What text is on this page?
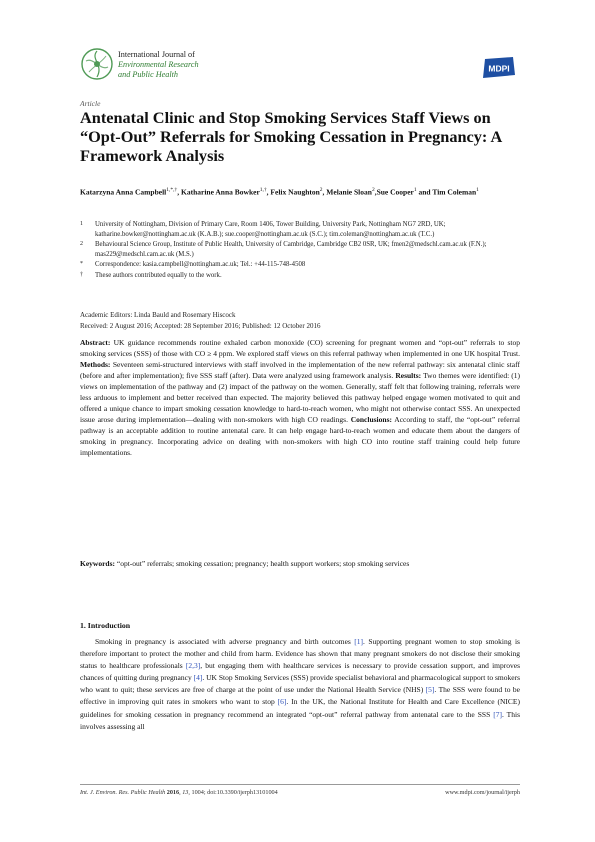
International Journal of
Environmental Research
and Public Health
MDPI
Article
Antenatal Clinic and Stop Smoking Services Staff Views on “Opt-Out” Referrals for Smoking Cessation in Pregnancy: A Framework Analysis
Katarzyna Anna Campbell$^{1,*,\dagger}$, Katharine Anna Bowker$^{1,\dagger}$, Felix Naughton$^2$, Melanie Sloan$^2$,Sue Cooper$^1$ and Tim Coleman$^1$
1	University of Nottingham, Division of Primary Care, Room 1406, Tower Building, University Park, Nottingham NG7 2RD, UK; katharine.bowker@nottingham.ac.uk (K.A.B.); sue.cooper@nottingham.ac.uk (S.C.); tim.coleman@nottingham.ac.uk (T.C.)
2	Behavioural Science Group, Institute of Public Health, University of Cambridge, Cambridge CB2 0SR, UK; fmen2@medschl.cam.ac.uk (F.N.); mas229@medschl.cam.ac.uk (M.S.)
*	Correspondence: kasia.campbell@nottingham.ac.uk; Tel.: +44-115-748-4508
†	These authors contributed equally to the work.
Academic Editors: Linda Bauld and Rosemary Hiscock
Received: 2 August 2016; Accepted: 28 September 2016; Published: 12 October 2016
Abstract: UK guidance recommends routine exhaled carbon monoxide (CO) screening for pregnant women and “opt-out” referrals to stop smoking services (SSS) of those with CO ≥ 4 ppm. We explored staff views on this referral pathway when implemented in one UK hospital Trust. Methods: Seventeen semi-structured interviews with staff involved in the implementation of the new referral pathway: six antenatal clinic staff (before and after implementation); five SSS staff (after). Data were analyzed using framework analysis. Results: Two themes were identified: (1) views on implementation of the pathway and (2) impact of the pathway on the women. Generally, staff felt that following training, referrals were less arduous to implement and better received than expected. The majority believed this pathway helped engage women motivated to quit and offered a unique chance to impart smoking cessation knowledge to hard-to-reach women, who might not otherwise contact SSS. An unexpected issue arose during implementation—dealing with non-smokers with high CO readings. Conclusions: According to staff, the “opt-out” referral pathway is an acceptable addition to routine antenatal care. It can help engage hard-to-reach women and educate them about the dangers of smoking in pregnancy. Incorporating advice on dealing with non-smokers with high CO into routine staff training could help future implementations.
Keywords: “opt-out” referrals; smoking cessation; pregnancy; health support workers; stop smoking services
1. Introduction
Smoking in pregnancy is associated with adverse pregnancy and birth outcomes [1]. Supporting pregnant women to stop smoking is therefore important to protect the mother and child from harm. Evidence has shown that many pregnant smokers do not disclose their smoking status to healthcare professionals [2,3], but engaging them with healthcare services is necessary to provide cessation support, and improves chances of quitting during pregnancy [4]. UK Stop Smoking Services (SSS) provide specialist behavioral and pharmacological support to smokers who want to quit; these services are free of charge at the point of use under the National Health Service (NHS) [5]. The SSS were found to be effective in improving quit rates in smokers who want to stop [6]. In the UK, the National Institute for Health and Care Excellence (NICE) guidelines for smoking cessation in pregnancy recommend an integrated “opt-out” referral pathway from antenatal care to the SSS [7]. This involves assessing all
Int. J. Environ. Res. Public Health 2016, 13, 1004; doi:10.3390/ijerph13101004	www.mdpi.com/journal/ijerph
